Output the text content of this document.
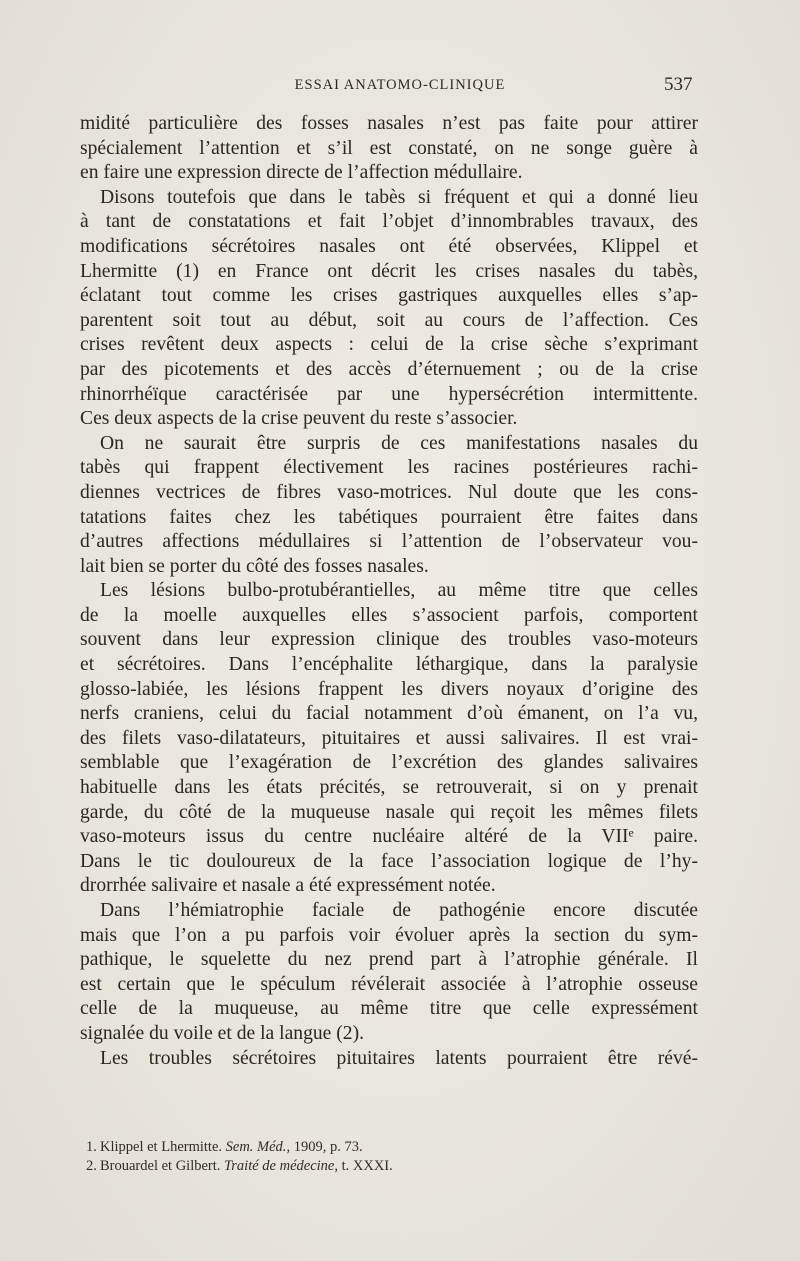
ESSAI ANATOMO-CLINIQUE	537
midité particulière des fosses nasales n’est pas faite pour attirer
spécialement l’attention et s’il est constaté, on ne songe guère à
en faire une expression directe de l’affection médullaire.
Disons toutefois que dans le tabès si fréquent et qui a donné lieu
à tant de constatations et fait l’objet d’innombrables travaux, des
modifications sécrétoires nasales ont été observées, Klippel et
Lhermitte (1) en France ont décrit les crises nasales du tabès,
éclatant tout comme les crises gastriques auxquelles elles s’ap-
parentent soit tout au début, soit au cours de l’affection. Ces
crises revêtent deux aspects : celui de la crise sèche s’exprimant
par des picotements et des accès d’éternuement ; ou de la crise
rhinorrhéïque caractérisée par une hypersécrétion intermittente.
Ces deux aspects de la crise peuvent du reste s’associer.
On ne saurait être surpris de ces manifestations nasales du
tabès qui frappent électivement les racines postérieures rachi-
diennes vectrices de fibres vaso-motrices. Nul doute que les cons-
tatations faites chez les tabétiques pourraient être faites dans
d’autres affections médullaires si l’attention de l’observateur vou-
lait bien se porter du côté des fosses nasales.
Les lésions bulbo-protubérantielles, au même titre que celles
de la moelle auxquelles elles s’associent parfois, comportent
souvent dans leur expression clinique des troubles vaso-moteurs
et sécrétoires. Dans l’encéphalite léthargique, dans la paralysie
glosso-labiée, les lésions frappent les divers noyaux d’origine des
nerfs craniens, celui du facial notamment d’où émanent, on l’a vu,
des filets vaso-dilatateurs, pituitaires et aussi salivaires. Il est vrai-
semblable que l’exagération de l’excrétion des glandes salivaires
habituelle dans les états précités, se retrouverait, si on y prenait
garde, du côté de la muqueuse nasale qui reçoit les mêmes filets
vaso-moteurs issus du centre nucléaire altéré de la VIIᵉ paire.
Dans le tic douloureux de la face l’association logique de l’hy-
drorrhée salivaire et nasale a été expressément notée.
Dans l’hémiatrophie faciale de pathogénie encore discutée
mais que l’on a pu parfois voir évoluer après la section du sym-
pathique, le squelette du nez prend part à l’atrophie générale. Il
est certain que le spéculum révélerait associée à l’atrophie osseuse
celle de la muqueuse, au même titre que celle expressément
signalée du voile et de la langue (2).
Les troubles sécrétoires pituitaires latents pourraient être révé-
1. Klippel et Lhermitte. Sem. Méd., 1909, p. 73.
2. Brouardel et Gilbert. Traité de médecine, t. XXXI.
